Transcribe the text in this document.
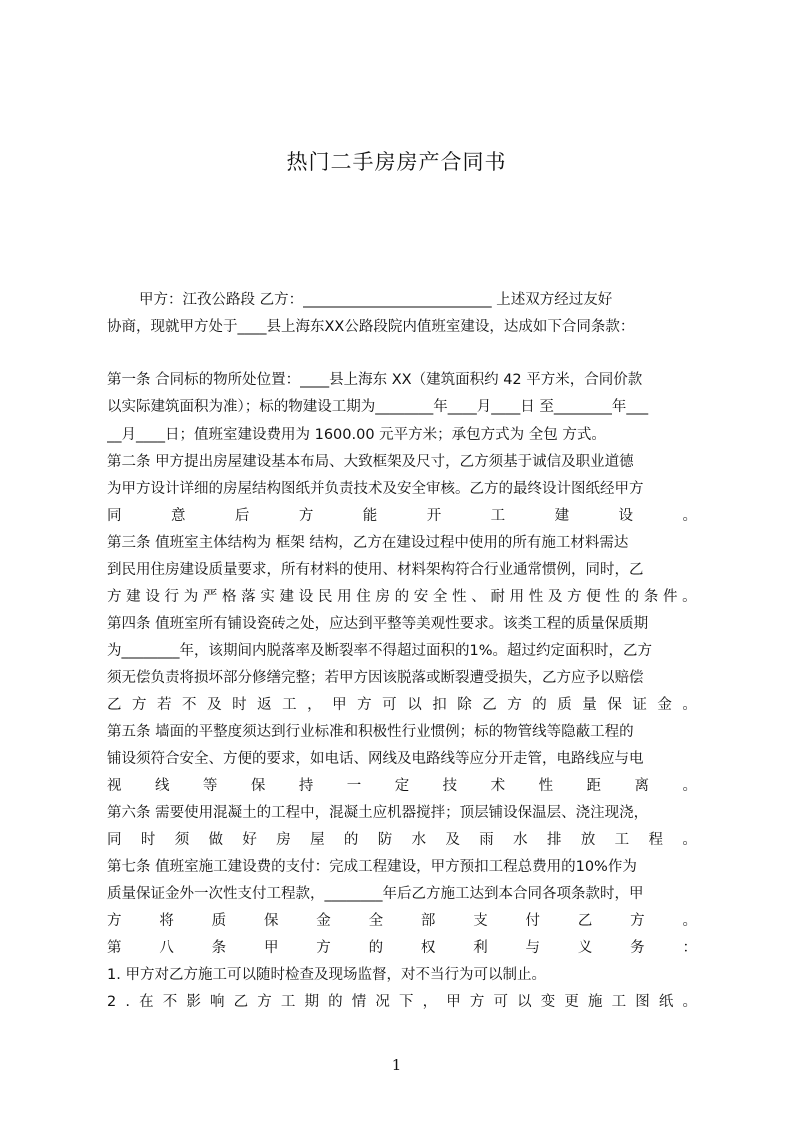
热门二手房房产合同书
甲方：江孜公路段 乙方：__________________________ 上述双方经过友好
协商，现就甲方处于____县上海东XX公路段院内值班室建设，达成如下合同条款：
第一条 合同标的物所处位置：____县上海东 XX（建筑面积约 42 平方米，合同价款
以实际建筑面积为准）；标的物建设工期为________年____月____日 至________年___
__月____日；值班室建设费用为 1600.00 元平方米；承包方式为 全包 方式。
第二条 甲方提出房屋建设基本布局、大致框架及尺寸，乙方须基于诚信及职业道德
为甲方设计详细的房屋结构图纸并负责技术及安全审核。乙方的最终设计图纸经甲方
同	意	后	方	能	开	工	建	设	。
第三条 值班室主体结构为 框架 结构，乙方在建设过程中使用的所有施工材料需达
到民用住房建设质量要求，所有材料的使用、材料架构符合行业通常惯例，同时，乙
方 建 设 行 为 严 格 落 实 建 设 民 用 住 房 的 安 全 性 、 耐 用 性 及 方 便 性 的 条 件 。
第四条 值班室所有铺设瓷砖之处，应达到平整等美观性要求。该类工程的质量保质期
为________年，该期间内脱落率及断裂率不得超过面积的1%。超过约定面积时，乙方
须无偿负责将损坏部分修缮完整；若甲方因该脱落或断裂遭受损失，乙方应予以赔偿
乙 方 若 不 及 时 返 工 ， 甲 方 可 以 扣 除 乙 方 的 质 量 保 证 金 。
第五条 墙面的平整度须达到行业标准和积极性行业惯例；标的物管线等隐蔽工程的
铺设须符合安全、方便的要求，如电话、网线及电路线等应分开走管，电路线应与电
视 线 等 保 持 一 定 技 术 性 距 离 。
第六条 需要使用混凝土的工程中，混凝土应机器搅拌；顶层铺设保温层、浇注现浇，
同 时 须 做 好 房 屋 的 防 水 及 雨 水 排 放 工 程 。
第七条 值班室施工建设费的支付：完成工程建设，甲方预扣工程总费用的10%作为
质量保证金外一次性支付工程款，________年后乙方施工达到本合同各项条款时，甲
方	将	质	保	金	全	部	支	付	乙	方	。
第	八	条	甲	方	的	权	利	与	义	务	：
1. 甲方对乙方施工可以随时检查及现场监督，对不当行为可以制止。
2 . 在 不 影 响 乙 方 工 期 的 情 况 下 ， 甲 方 可 以 变 更 施 工 图 纸 。
1
